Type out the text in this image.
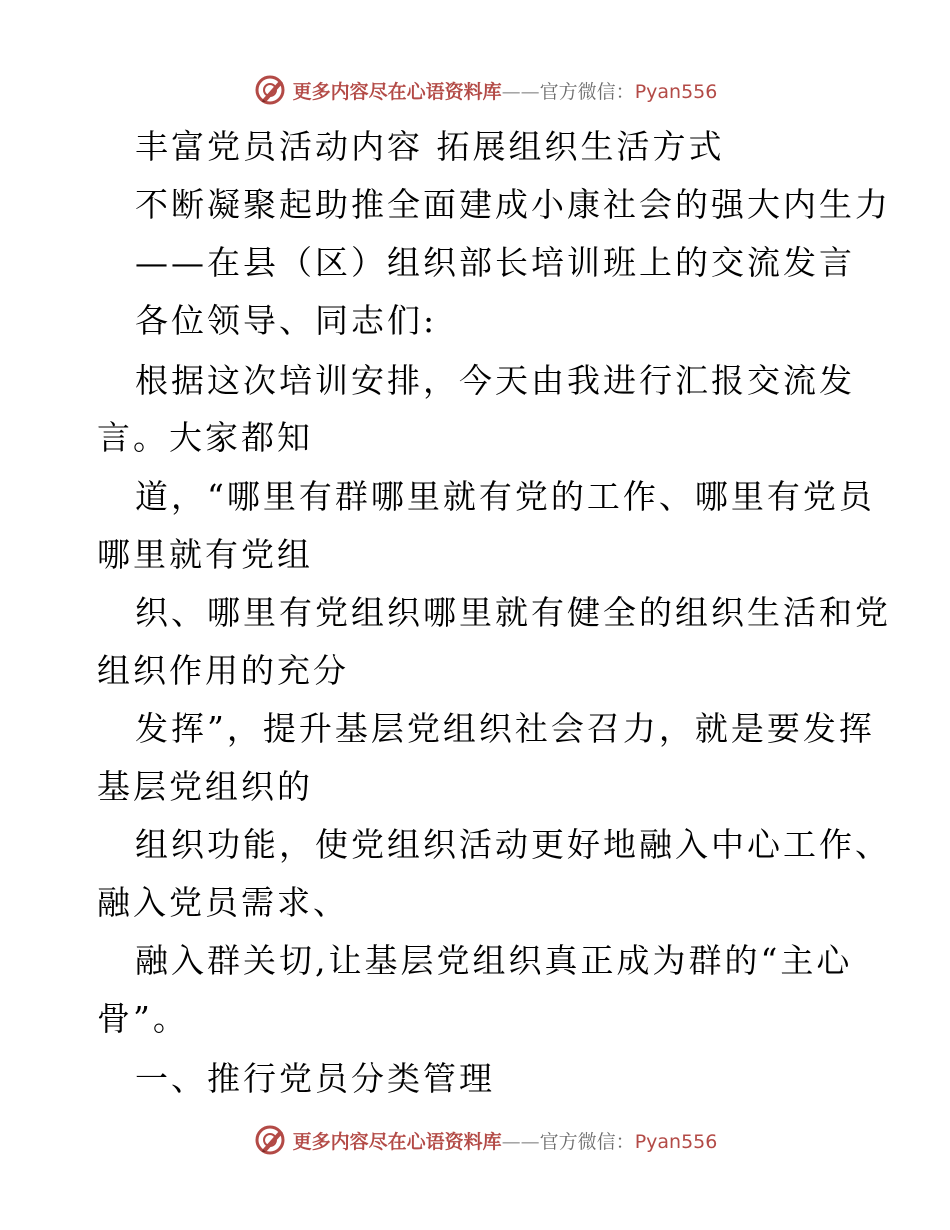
更多内容尽在心语资料库——官方微信：Pyan556
丰富党员活动内容 拓展组织生活方式
不断凝聚起助推全面建成小康社会的强大内生力
——在县（区）组织部长培训班上的交流发言
各位领导、同志们:
根据这次培训安排，今天由我进行汇报交流发
言。大家都知
道，“哪里有群哪里就有党的工作、哪里有党员
哪里就有党组
织、哪里有党组织哪里就有健全的组织生活和党
组织作用的充分
发挥”，提升基层党组织社会召力，就是要发挥
基层党组织的
组织功能，使党组织活动更好地融入中心工作、
融入党员需求、
融入群关切,让基层党组织真正成为群的“主心
骨”。
一、推行党员分类管理
更多内容尽在心语资料库——官方微信：Pyan556
